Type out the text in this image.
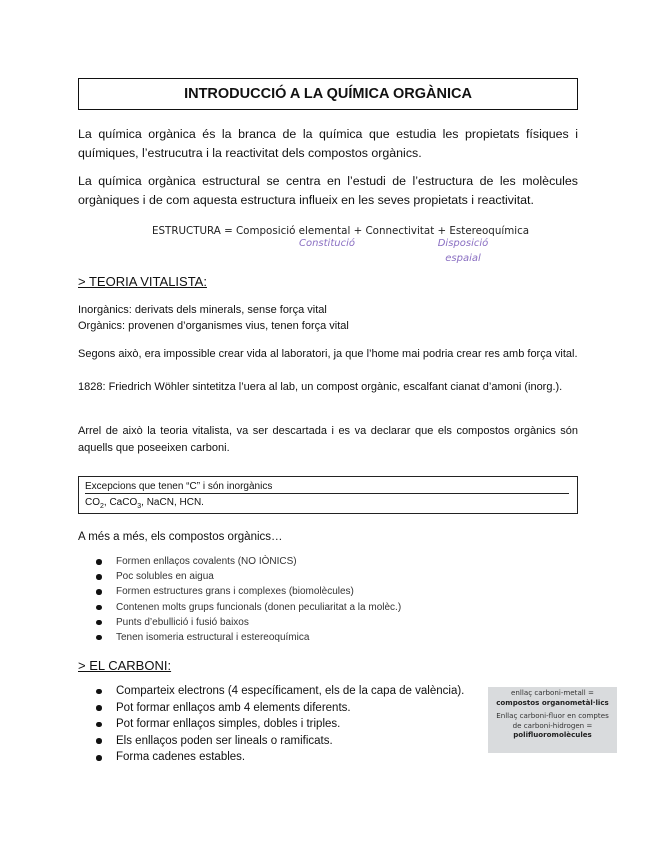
INTRODUCCIÓ A LA QUÍMICA ORGÀNICA
La química orgànica és la branca de la química que estudia les propietats físiques i químiques, l’estrucutra i la reactivitat dels compostos orgànics.
La química orgànica estructural se centra en l’estudi de l’estructura de les molècules orgàniques i de com aquesta estructura influeix en les seves propietats i reactivitat.
ESTRUCTURA = Composició elemental + Connectivitat + Estereoquímica
Constitució	Disposició
espaial
> TEORIA VITALISTA:
Inorgànics: derivats dels minerals, sense força vital
Orgànics: provenen d’organismes vius, tenen força vital
Segons això, era impossible crear vida al laboratori, ja que l’home mai podria crear res amb força vital.
1828: Friedrich Wöhler sintetitza l’uera al lab, un compost orgànic, escalfant cianat d’amoni (inorg.).
Arrel de això la teoria vitalista, va ser descartada i es va declarar que els compostos orgànics són aquells que poseeixen carboni.
Excepcions que tenen “C” i són inorgànics
$CO_2$, CaCO$_3$, NaCN, HCN.
A més a més, els compostos orgànics…
Formen enllaços covalents (NO IÒNICS)
Poc solubles en aigua
Formen estructures grans i complexes (biomolècules)
Contenen molts grups funcionals (donen peculiaritat a la molèc.)
Punts d’ebullició i fusió baixos
Tenen isomeria estructural i estereoquímica
> EL CARBONI:
Comparteix electrons (4 específicament, els de la capa de valència).
Pot formar enllaços amb 4 elements diferents.
Pot formar enllaços simples, dobles i triples.
Els enllaços poden ser lineals o ramificats.
Forma cadenes estables.
enllaç carboni-metall =
compostos organometàl·lics
Enllaç carboni-fluor en comptes
de carboni-hidrogen =
polifluoromolècules
